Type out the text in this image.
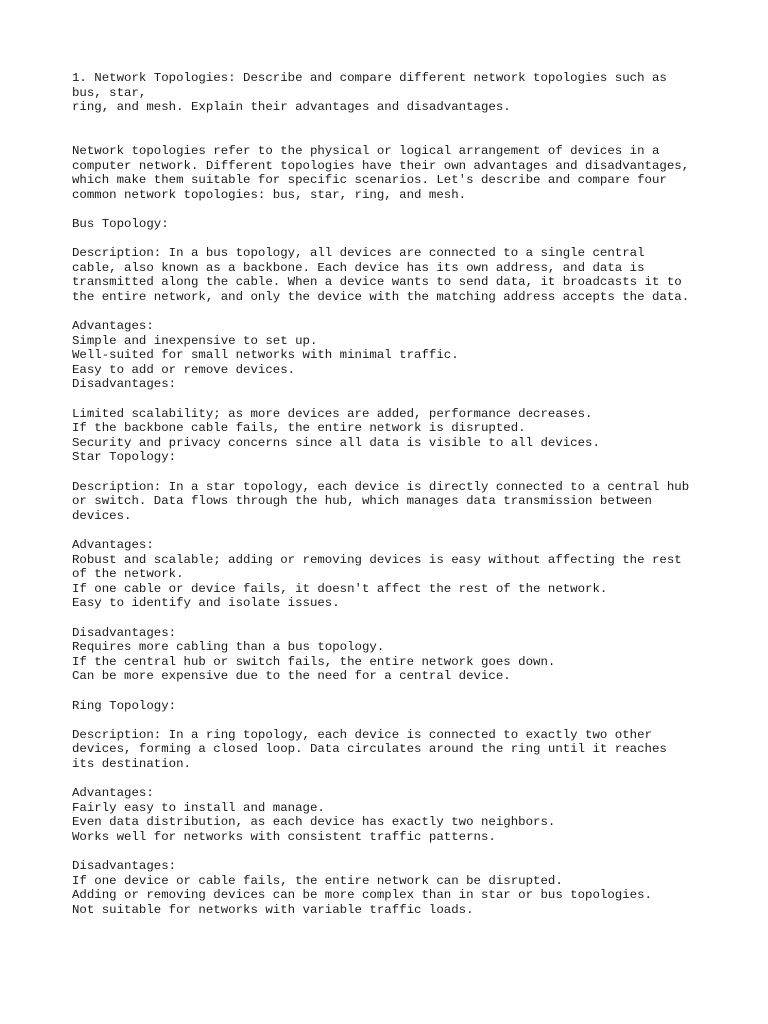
1. Network Topologies: Describe and compare different network topologies such as
bus, star,
ring, and mesh. Explain their advantages and disadvantages.
Network topologies refer to the physical or logical arrangement of devices in a
computer network. Different topologies have their own advantages and disadvantages,
which make them suitable for specific scenarios. Let's describe and compare four
common network topologies: bus, star, ring, and mesh.
Bus Topology:
Description: In a bus topology, all devices are connected to a single central
cable, also known as a backbone. Each device has its own address, and data is
transmitted along the cable. When a device wants to send data, it broadcasts it to
the entire network, and only the device with the matching address accepts the data.
Advantages:
Simple and inexpensive to set up.
Well-suited for small networks with minimal traffic.
Easy to add or remove devices.
Disadvantages:
Limited scalability; as more devices are added, performance decreases.
If the backbone cable fails, the entire network is disrupted.
Security and privacy concerns since all data is visible to all devices.
Star Topology:
Description: In a star topology, each device is directly connected to a central hub
or switch. Data flows through the hub, which manages data transmission between
devices.
Advantages:
Robust and scalable; adding or removing devices is easy without affecting the rest
of the network.
If one cable or device fails, it doesn't affect the rest of the network.
Easy to identify and isolate issues.
Disadvantages:
Requires more cabling than a bus topology.
If the central hub or switch fails, the entire network goes down.
Can be more expensive due to the need for a central device.
Ring Topology:
Description: In a ring topology, each device is connected to exactly two other
devices, forming a closed loop. Data circulates around the ring until it reaches
its destination.
Advantages:
Fairly easy to install and manage.
Even data distribution, as each device has exactly two neighbors.
Works well for networks with consistent traffic patterns.
Disadvantages:
If one device or cable fails, the entire network can be disrupted.
Adding or removing devices can be more complex than in star or bus topologies.
Not suitable for networks with variable traffic loads.
